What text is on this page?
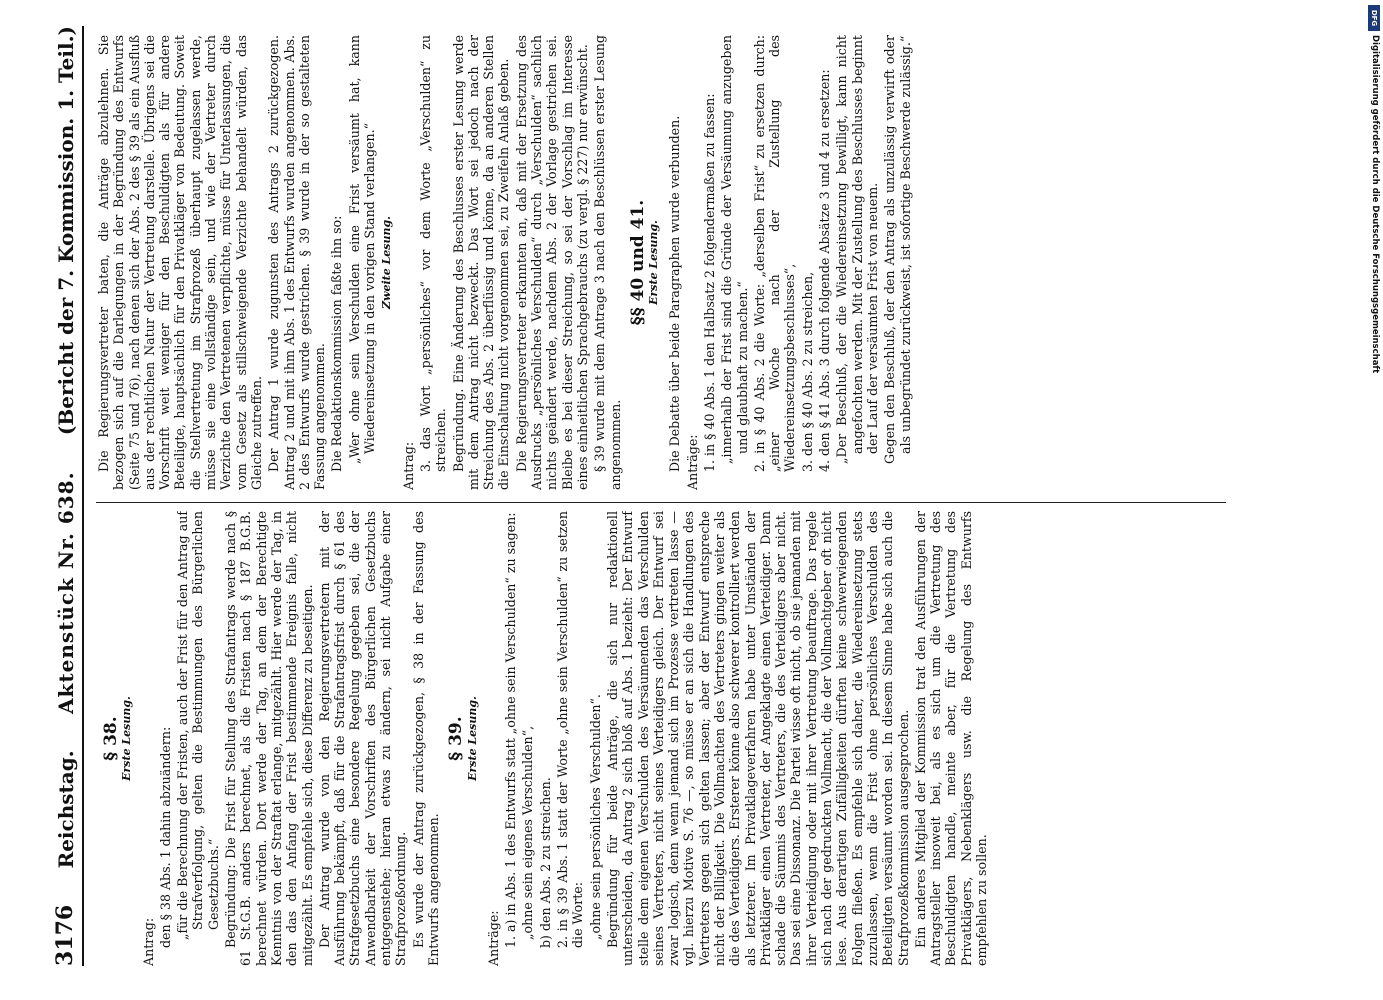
3176
Reichstag.
Aktenstück Nr. 638.
(Bericht der 7. Kommission. 1. Teil.)
§ 38. Erste Lesung.

Antrag: den § 38 Abs. 1 dahin abzuändern: „für die Berechnung der Fristen, auch der Frist für den Antrag auf Strafverfolgung, gelten die Bestimmungen des Bürgerlichen Gesetzbuchs.“ Begründung: Die Frist für Stellung des Strafantrags werde nach § 61 St.G.B. anders berechnet, als die Fristen nach § 187 B.G.B. berechnet würden. Dort werde der Tag, an dem der Berechtigte Kenntnis von der Straftat erlange, mitgezählt. Hier werde der Tag, in den das den Anfang der Frist bestimmende Ereignis falle, nicht mitgezählt. Es empfehle sich, diese Differenz zu beseitigen. Der Antrag wurde von den Regierungsvertretern mit der Ausführung bekämpft, daß für die Strafantragsfrist durch § 61 des Strafgesetzbuchs eine besondere Regelung gegeben sei, die der Anwendbarkeit der Vorschriften des Bürgerlichen Gesetzbuchs entgegenstehe; hieran etwas zu ändern, sei nicht Aufgabe einer Strafprozeßordnung. Es wurde der Antrag zurückgezogen, § 38 in der Fassung des Entwurfs angenommen.

§ 39. Erste Lesung.

Anträge: 1. a) in Abs. 1 des Entwurfs statt „ohne sein Verschulden“ zu sagen: „ohne sein eigenes Verschulden“, b) den Abs. 2 zu streichen. 2. in § 39 Abs. 1 statt der Worte „ohne sein Verschulden“ zu setzen die Worte: „ohne sein persönliches Verschulden“. Begründung für beide Anträge, die sich nur redaktionell unterscheiden, da Antrag 2 sich bloß auf Abs. 1 bezieht: Der Entwurf stelle dem eigenen Verschulden des Versäumenden das Verschulden seines Vertreters, nicht seines Verteidigers gleich. Der Entwurf sei zwar logisch, denn wenn jemand sich im Prozesse vertreten lasse — vgl. hierzu Motive S. 76 —, so müsse er an sich die Handlungen des Vertreters gegen sich gelten lassen; aber der Entwurf entspreche nicht der Billigkeit. Die Vollmachten des Vertreters gingen weiter als die des Verteidigers. Ersterer könne also schwerer kontrolliert werden als letzterer. Im Privatklageverfahren habe unter Umständen der Privatkläger einen Vertreter, der Angeklagte einen Verteidiger. Dann schade die Säumnis des Vertreters, die des Verteidigers aber nicht. Das sei eine Dissonanz. Die Partei wisse oft nicht, ob sie jemanden mit ihrer Verteidigung oder mit ihrer Vertretung beauftrage. Das regele sich nach der gedruckten Vollmacht, die der Vollmachtgeber oft nicht lese. Aus derartigen Zufälligkeiten dürften keine schwerwiegenden Folgen fließen. Es empfehle sich daher, die Wiedereinsetzung stets zuzulassen, wenn die Frist ohne persönliches Verschulden des Beteiligten versäumt worden sei. In diesem Sinne habe sich auch die Strafprozeßkommission ausgesprochen. Ein anderes Mitglied der Kommission trat den Ausführungen der Antragsteller insoweit bei, als es sich um die Vertretung des Beschuldigten handle, meinte aber, für die Vertretung des Privatklägers, Nebenklägers usw. die Regelung des Entwurfs empfehlen zu sollen.

Die Regierungsvertreter baten, die Anträge abzulehnen. Sie bezogen sich auf die Darlegungen in der Begründung des Entwurfs (Seite 75 und 76), nach denen sich der Abs. 2 des § 39 als ein Ausfluß aus der rechtlichen Natur der Vertretung darstelle. Übrigens sei die Vorschrift weit weniger für den Beschuldigten als für andere Beteiligte, hauptsächlich für den Privatkläger von Bedeutung. Soweit die Stellvertretung im Strafprozeß überhaupt zugelassen werde, müsse sie eine vollständige sein, und wie der Vertreter durch Verzichte den Vertretenen verpflichte, müsse für Unterlassungen, die vom Gesetz als stillschweigende Verzichte behandelt würden, das Gleiche zutreffen. Der Antrag 1 wurde zugunsten des Antrags 2 zurückgezogen. Antrag 2 und mit ihm Abs. 1 des Entwurfs wurden angenommen. Abs. 2 des Entwurfs wurde gestrichen. § 39 wurde in der so gestalteten Fassung angenommen. Die Redaktionskommission faßte ihn so: „Wer ohne sein Verschulden eine Frist versäumt hat, kann Wiedereinsetzung in den vorigen Stand verlangen.“ Zweite Lesung.

Antrag: 3. das Wort „persönliches“ vor dem Worte „Verschulden“ zu streichen. Begründung. Eine Änderung des Beschlusses erster Lesung werde mit dem Antrag nicht bezweckt. Das Wort sei jedoch nach der Streichung des Abs. 2 überflüssig und könne, da an anderen Stellen die Einschaltung nicht vorgenommen sei, zu Zweifeln Anlaß geben. Die Regierungsvertreter erkannten an, daß mit der Ersetzung des Ausdrucks „persönliches Verschulden“ durch „Verschulden“ sachlich nichts geändert werde, nachdem Abs. 2 der Vorlage gestrichen sei. Bleibe es bei dieser Streichung, so sei der Vorschlag im Interesse eines einheitlichen Sprachgebrauchs (zu vergl. § 227) nur erwünscht. § 39 wurde mit dem Antrage 3 nach den Beschlüssen erster Lesung angenommen.

§§ 40 und 41. Erste Lesung. Die Debatte über beide Paragraphen wurde verbunden. Anträge: 1. in § 40 Abs. 1 den Halbsatz 2 folgendermaßen zu fassen: „innerhalb der Frist sind die Gründe der Versäumung anzugeben und glaubhaft zu machen.“ 2. in § 40 Abs. 2 die Worte: „derselben Frist“ zu ersetzen durch: „einer Woche nach der Zustellung des Wiedereinsetzungsbeschlusses“, 3. den § 40 Abs. 2 zu streichen, 4. den § 41 Abs. 3 durch folgende Absätze 3 und 4 zu ersetzen: „Der Beschluß, der die Wiedereinsetzung bewilligt, kann nicht angefochten werden. Mit der Zustellung des Beschlusses beginnt der Lauf der versäumten Frist von neuem. Gegen den Beschluß, der den Antrag als unzulässig verwirft oder als unbegründet zurückweist, ist sofortige Beschwerde zulässig.“

DFG
Digitalisierung gefördert durch die Deutsche Forschungsgemeinschaft
